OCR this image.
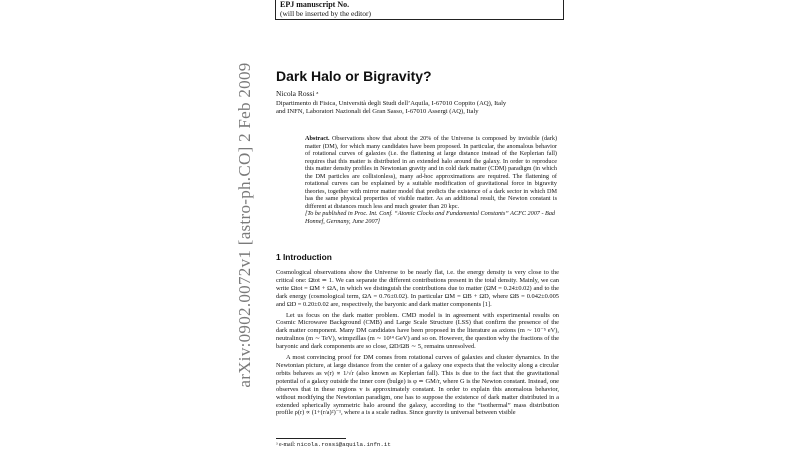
arXiv:0902.0072v1 [astro-ph.CO] 2 Feb 2009
EPJ manuscript No.
(will be inserted by the editor)
Dark Halo or Bigravity?
Nicola Rossi ᵃ
Dipartimento di Fisica, Università degli Studi dell’Aquila, I-67010 Coppito (AQ), Italy
and INFN, Laboratori Nazionali del Gran Sasso, I-67010 Assergi (AQ), Italy
Abstract. Observations show that about the 20% of the Universe is composed by invisible (dark) matter (DM), for which many candidates have been proposed. In particular, the anomalous behavior of rotational curves of galaxies (i.e. the flattening at large distance instead of the Keplerian fall) requires that this matter is distributed in an extended halo around the galaxy. In order to reproduce this matter density profiles in Newtonian gravity and in cold dark matter (CDM) paradigm (in which the DM particles are collisionless), many ad-hoc approximations are required. The flattening of rotational curves can be explained by a suitable modification of gravitational force in bigravity theories, together with mirror matter model that predicts the existence of a dark sector in which DM has the same physical properties of visible matter. As an additional result, the Newton constant is different at distances much less and much greater than 20 kpc.
[To be published in Proc. Int. Conf. “Atomic Clocks and Fundamental Constants” ACFC 2007 - Bad Honnef, Germany, June 2007]
1 Introduction

Cosmological observations show the Universe to be nearly flat, i.e. the energy density is very close to the critical one: Ωtot ≃ 1. We can separate the different contributions present in the total density. Mainly, we can write Ωtot = ΩM + ΩΛ, in which we distinguish the contributions due to matter (ΩM = 0.24±0.02) and to the dark energy (cosmological term, ΩΛ = 0.76±0.02). In particular ΩM = ΩB + ΩD, where ΩB = 0.042±0.005 and ΩD = 0.20±0.02 are, respectively, the baryonic and dark matter components [1].

Let us focus on the dark matter problem. CMD model is in agreement with experimental results on Cosmic Microwave Background (CMB) and Large Scale Structure (LSS) that confirm the presence of the dark matter component. Many DM candidates have been proposed in the literature as axions (m ∼ 10⁻⁵ eV), neutralinos (m ∼ TeV), wimpzillas (m ∼ 10¹⁴ GeV) and so on. However, the question why the fractions of the baryonic and dark components are so close, ΩD/ΩB ∼ 5, remains unresolved.

A most convincing proof for DM comes from rotational curves of galaxies and cluster dynamics. In the Newtonian picture, at large distance from the center of a galaxy one expects that the velocity along a circular orbits behaves as v(r) ∝ 1/√r (also known as Keplerian fall). This is due to the fact that the gravitational potential of a galaxy outside the inner core (bulge) is φ ≃ GM/r, where G is the Newton constant. Instead, one observes that in these regions v is approximately constant. In order to explain this anomalous behavior, without modifying the Newtonian paradigm, one has to suppose the existence of dark matter distributed in a extended spherically symmetric halo around the galaxy, according to the “isothermal” mass distribution profile ρ(r) ∝ (1+(r/a)²)⁻¹, where a is a scale radius. Since gravity is universal between visible

ᵃ e-mail: nicola.rossi@aquila.infn.it
